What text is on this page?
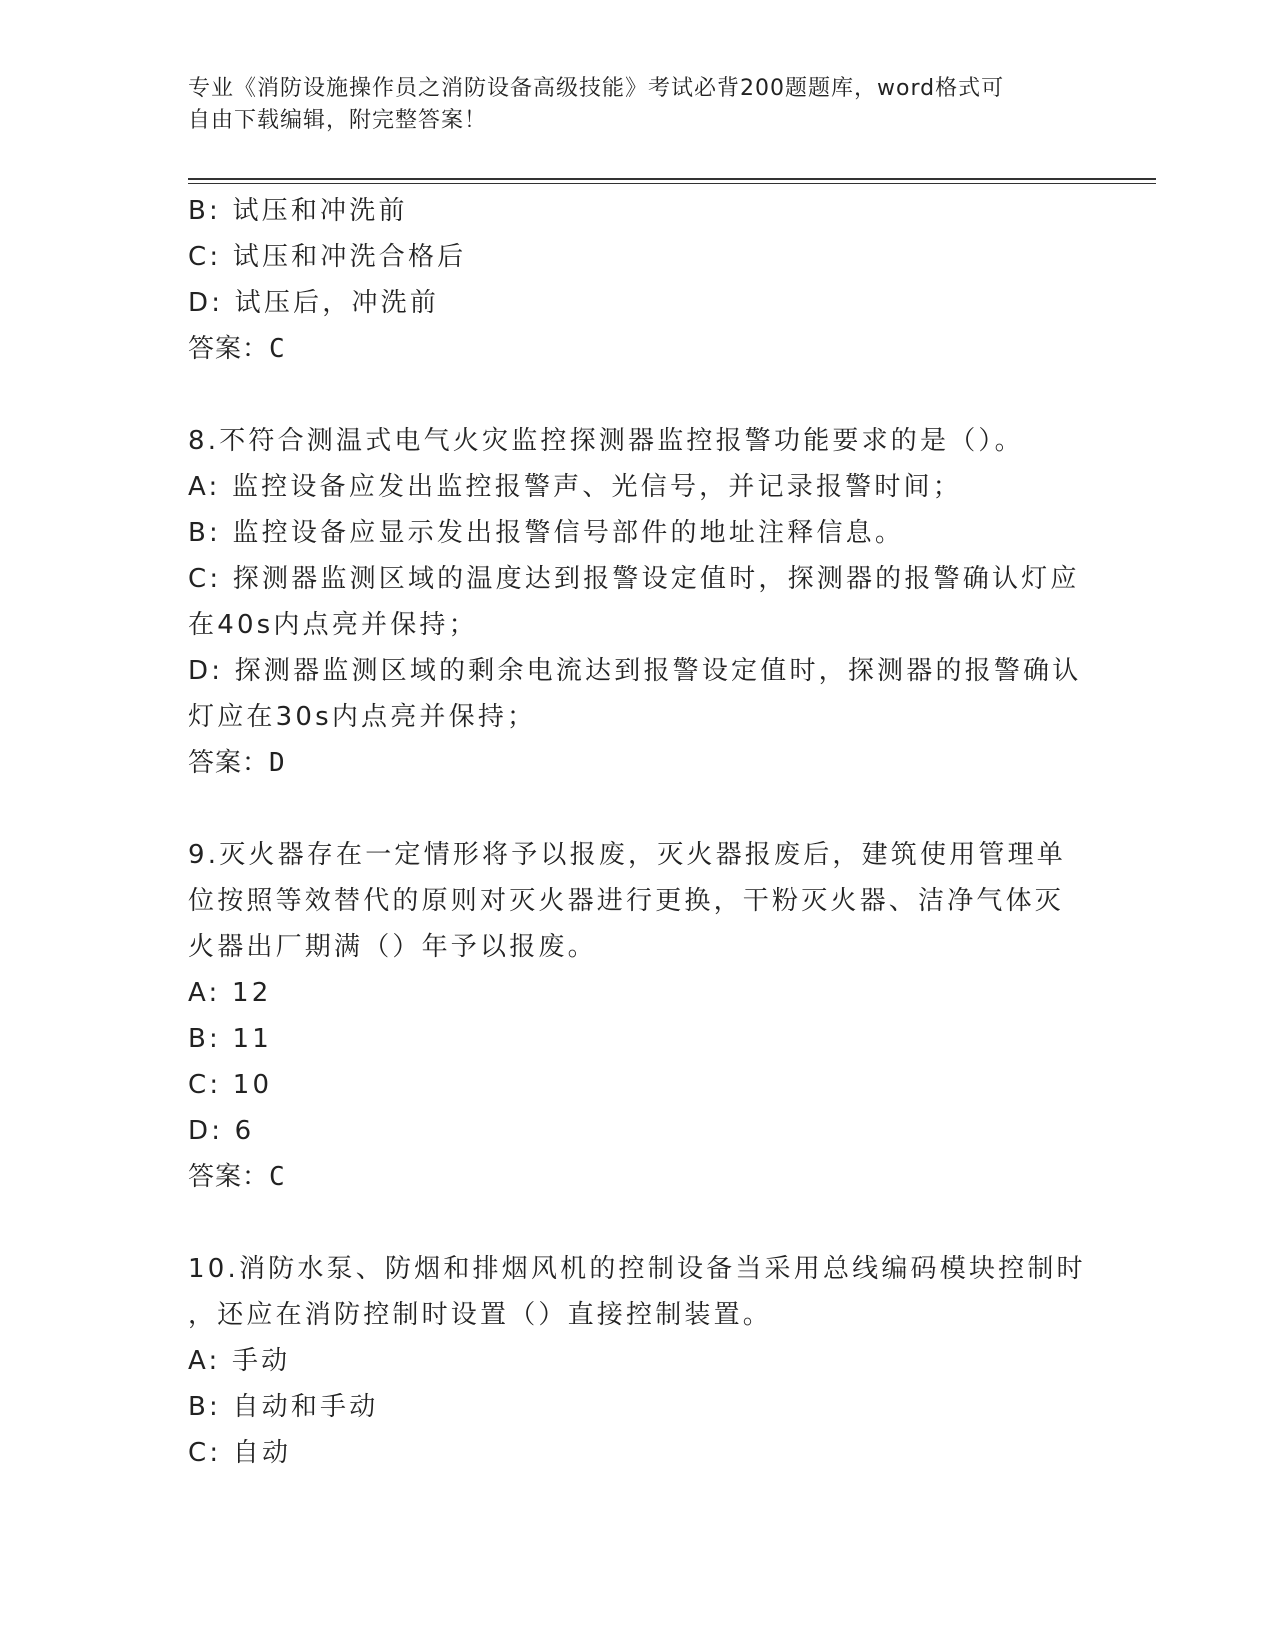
专业《消防设施操作员之消防设备高级技能》考试必背200题题库，word格式可
自由下载编辑，附完整答案！
B: 试压和冲洗前
C: 试压和冲洗合格后
D: 试压后，冲洗前
答案：C
8.不符合测温式电气火灾监控探测器监控报警功能要求的是（）。
A: 监控设备应发出监控报警声、光信号，并记录报警时间；
B: 监控设备应显示发出报警信号部件的地址注释信息。
C: 探测器监测区域的温度达到报警设定值时，探测器的报警确认灯应
在40s内点亮并保持；
D: 探测器监测区域的剩余电流达到报警设定值时，探测器的报警确认
灯应在30s内点亮并保持；
答案：D
9.灭火器存在一定情形将予以报废，灭火器报废后，建筑使用管理单
位按照等效替代的原则对灭火器进行更换，干粉灭火器、洁净气体灭
火器出厂期满（）年予以报废。
A: 12
B: 11
C: 10
D: 6
答案：C
10.消防水泵、防烟和排烟风机的控制设备当采用总线编码模块控制时
，还应在消防控制时设置（）直接控制装置。
A: 手动
B: 自动和手动
C: 自动
